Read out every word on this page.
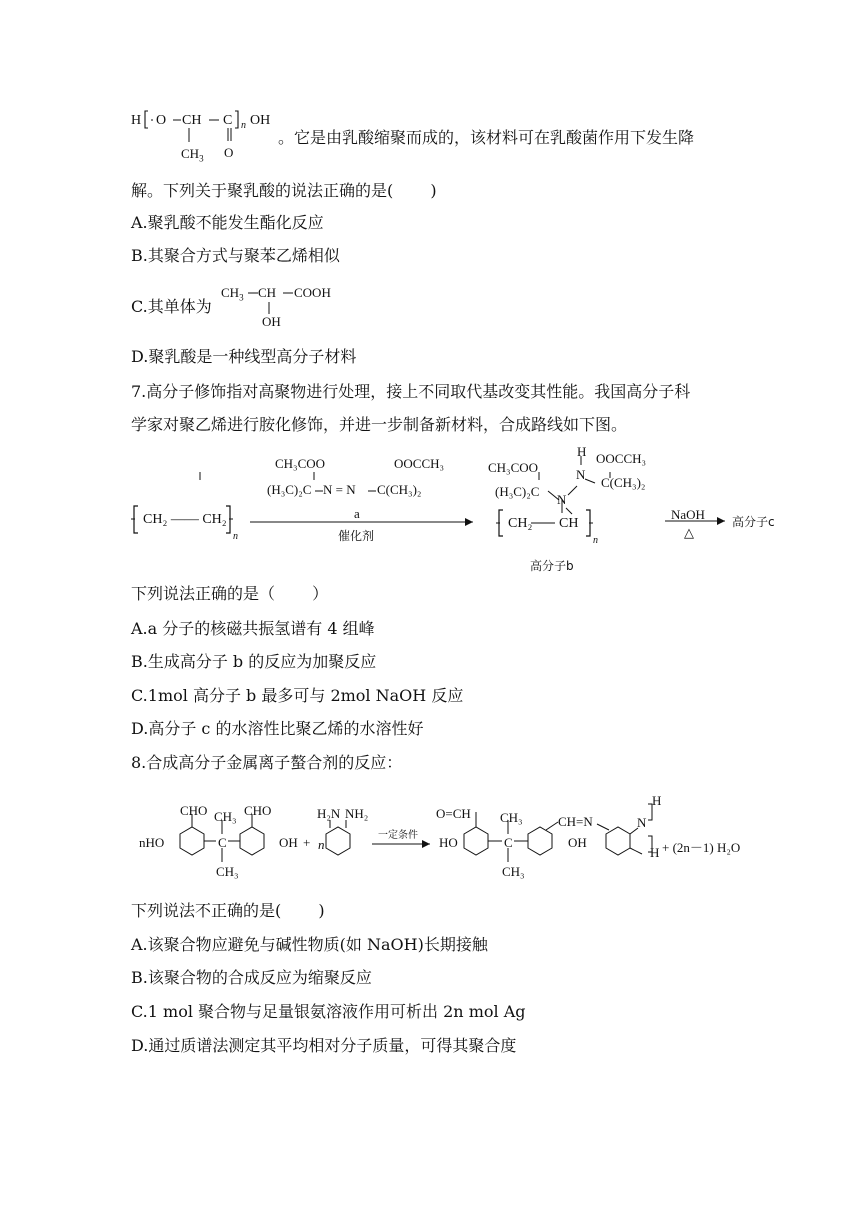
H O CH C n OH
$CH_3$ O
。它是由乳酸缩聚而成的，该材料可在乳酸菌作用下发生降
解。下列关于聚乳酸的说法正确的是(　 　)
A.聚乳酸不能发生酯化反应
B.其聚合方式与聚苯乙烯相似
C.其单体为
$CH_3$ CH COOH
OH
D.聚乳酸是一种线型高分子材料
7.高分子修饰指对高聚物进行处理，接上不同取代基改变其性能。我国高分子科
学家对聚乙烯进行胺化修饰，并进一步制备新材料，合成路线如下图。
CH₃COO
(H₃C)₂C N = N
OOCCH₃
C(CH₃)₂
a
催化剂
CH₂ —— CH₂
n
CH₃COO
(H₃C)₂C
H
N
N
OOCCH₃
C(CH₃)₂
CH₂ CH
n
高分子b
NaOH
△
高分子c
下列说法正确的是（　 　）
A.a 分子的核磁共振氢谱有 4 组峰
B.生成高分子 b 的反应为加聚反应
C.1mol 高分子 b 最多可与 2mol NaOH 反应
D.高分子 c 的水溶性比聚乙烯的水溶性好
8.合成高分子金属离子螯合剂的反应：
nHO
CHO CH₃
C
CH₃
CHO
OH + n
H₂N NH₂
一定条件
O=CH
HO
CH₃
C
CH₃
CH=N
OH
N
H
H + (2n－1) H₂O
下列说法不正确的是(　 　)
A.该聚合物应避免与碱性物质(如 NaOH)长期接触
B.该聚合物的合成反应为缩聚反应
C.1 mol 聚合物与足量银氨溶液作用可析出 2n mol Ag
D.通过质谱法测定其平均相对分子质量，可得其聚合度
